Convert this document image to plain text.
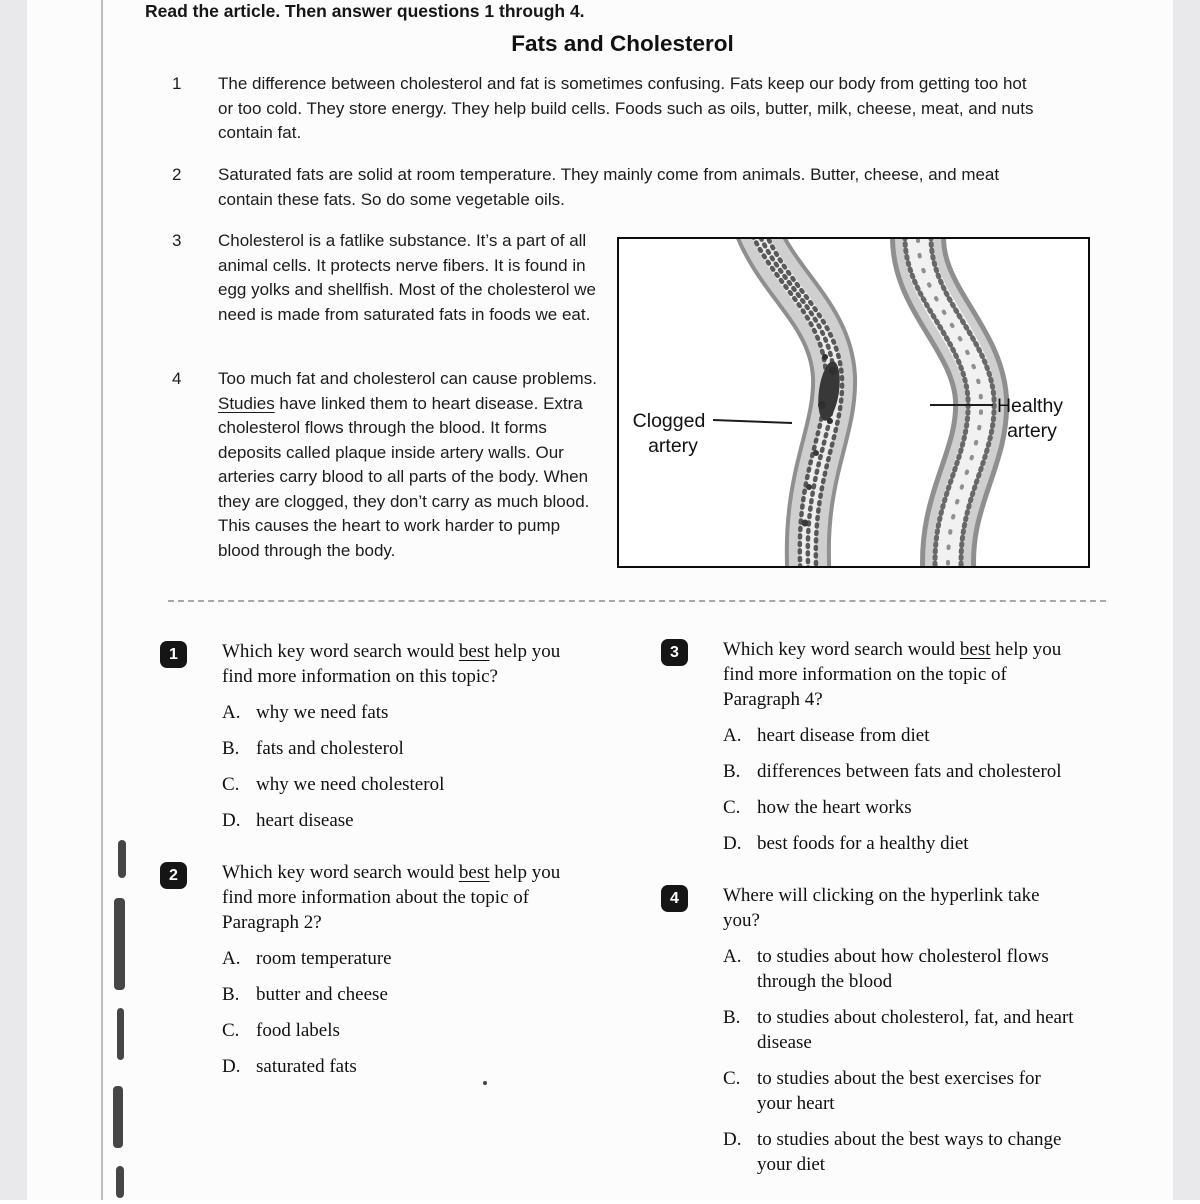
Read the article. Then answer questions 1 through 4.
Fats and Cholesterol
1	The difference between cholesterol and fat is sometimes confusing. Fats keep our body from getting too hot or too cold. They store energy. They help build cells. Foods such as oils, butter, milk, cheese, meat, and nuts contain fat.
2	Saturated fats are solid at room temperature. They mainly come from animals. Butter, cheese, and meat contain these fats. So do some vegetable oils.
3	Cholesterol is a fatlike substance. It’s a part of all animal cells. It protects nerve fibers. It is found in egg yolks and shellfish. Most of the cholesterol we need is made from saturated fats in foods we eat.
4	Too much fat and cholesterol can cause problems. Studies have linked them to heart disease. Extra cholesterol flows through the blood. It forms deposits called plaque inside artery walls. Our arteries carry blood to all parts of the body. When they are clogged, they don’t carry as much blood. This causes the heart to work harder to pump blood through the body.
Clogged artery
Healthy artery
1	Which key word search would best help you find more information on this topic?
A. why we need fats
B. fats and cholesterol
C. why we need cholesterol
D. heart disease
2	Which key word search would best help you find more information about the topic of Paragraph 2?
A. room temperature
B. butter and cheese
C. food labels
D. saturated fats
3	Which key word search would best help you find more information on the topic of Paragraph 4?
A. heart disease from diet
B. differences between fats and cholesterol
C. how the heart works
D. best foods for a healthy diet
4	Where will clicking on the hyperlink take you?
A. to studies about how cholesterol flows through the blood
B. to studies about cholesterol, fat, and heart disease
C. to studies about the best exercises for your heart
D. to studies about the best ways to change your diet
